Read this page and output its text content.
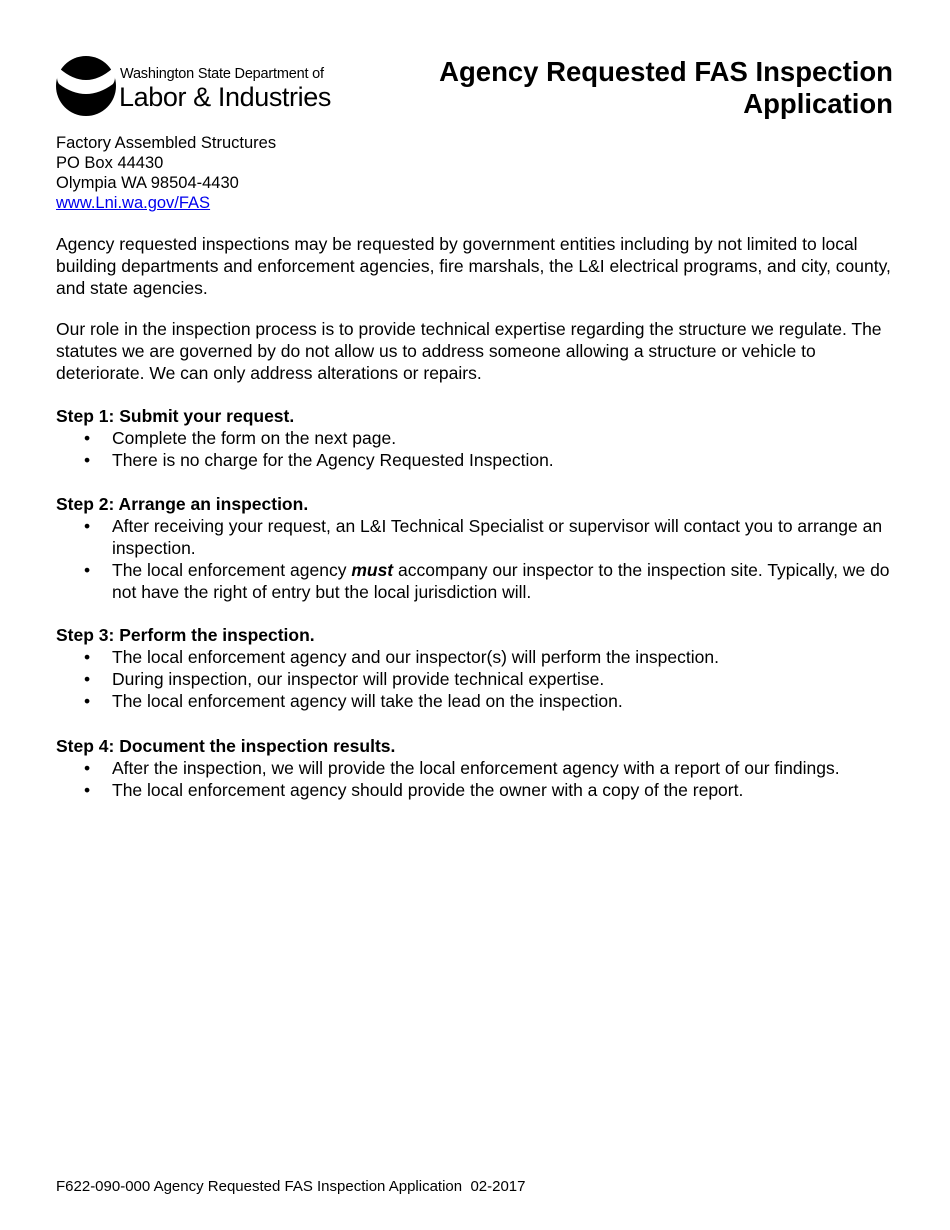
Washington State Department of
Labor & Industries
Agency Requested FAS Inspection
Application
Factory Assembled Structures
PO Box 44430
Olympia WA 98504-4430
www.Lni.wa.gov/FAS

Agency requested inspections may be requested by government entities including by not limited to local building departments and enforcement agencies, fire marshals, the L&I electrical programs, and city, county, and state agencies.

Our role in the inspection process is to provide technical expertise regarding the structure we regulate. The statutes we are governed by do not allow us to address someone allowing a structure or vehicle to deteriorate. We can only address alterations or repairs.

Step 1: Submit your request.

• Complete the form on the next page.
• There is no charge for the Agency Requested Inspection.

Step 2: Arrange an inspection.

• After receiving your request, an L&I Technical Specialist or supervisor will contact you to arrange an inspection.
• The local enforcement agency must accompany our inspector to the inspection site. Typically, we do not have the right of entry but the local jurisdiction will.

Step 3: Perform the inspection.

• The local enforcement agency and our inspector(s) will perform the inspection.
• During inspection, our inspector will provide technical expertise.
• The local enforcement agency will take the lead on the inspection.

Step 4: Document the inspection results.

• After the inspection, we will provide the local enforcement agency with a report of our findings.
• The local enforcement agency should provide the owner with a copy of the report.
F622-090-000 Agency Requested FAS Inspection Application  02-2017
